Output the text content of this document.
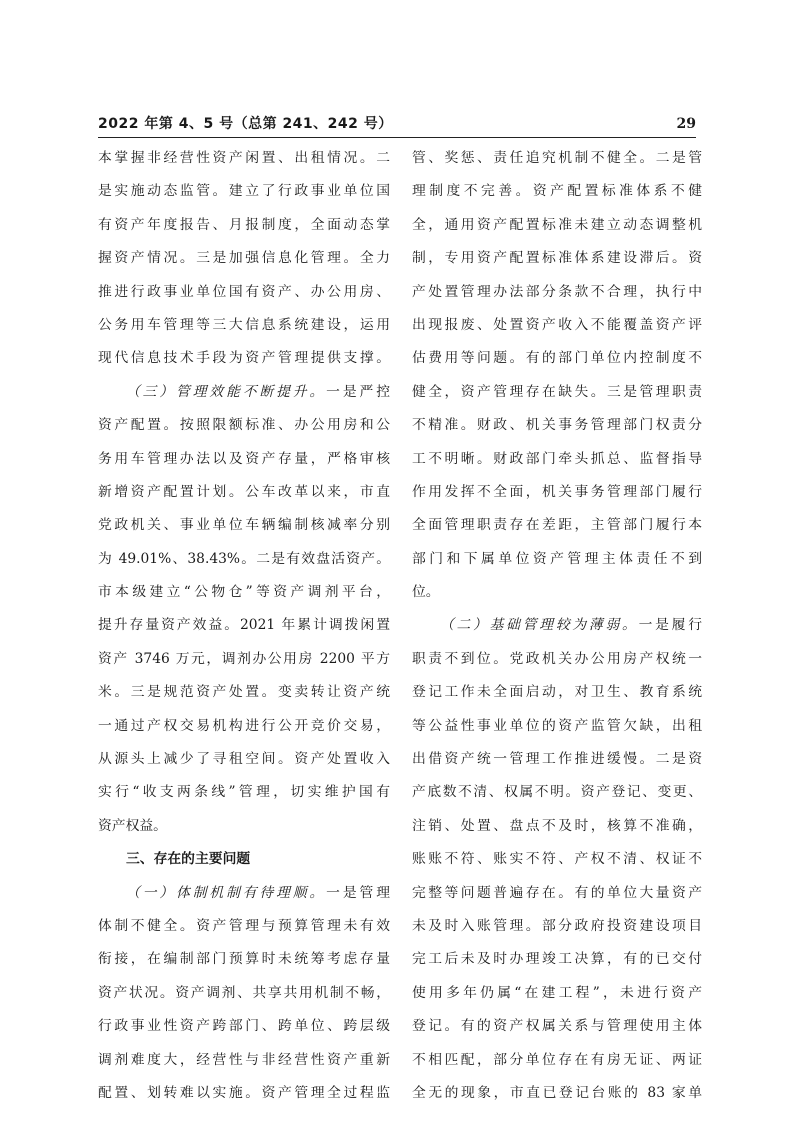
2022 年第 4、5 号（总第 241、242 号）	29
本掌握非经营性资产闲置、出租情况。二
是实施动态监管。建立了行政事业单位国
有资产年度报告、月报制度，全面动态掌
握资产情况。三是加强信息化管理。全力
推进行政事业单位国有资产、办公用房、
公务用车管理等三大信息系统建设，运用
现代信息技术手段为资产管理提供支撑。
（三）管理效能不断提升。一是严控
资产配置。按照限额标准、办公用房和公
务用车管理办法以及资产存量，严格审核
新增资产配置计划。公车改革以来，市直
党政机关、事业单位车辆编制核减率分别
为 49.01%、38.43%。二是有效盘活资产。
市本级建立“公物仓”等资产调剂平台，
提升存量资产效益。2021 年累计调拨闲置
资产 3746 万元，调剂办公用房 2200 平方
米。三是规范资产处置。变卖转让资产统
一通过产权交易机构进行公开竞价交易，
从源头上减少了寻租空间。资产处置收入
实行“收支两条线”管理，切实维护国有
资产权益。
三、存在的主要问题
（一）体制机制有待理顺。一是管理
体制不健全。资产管理与预算管理未有效
衔接，在编制部门预算时未统筹考虑存量
资产状况。资产调剂、共享共用机制不畅，
行政事业性资产跨部门、跨单位、跨层级
调剂难度大，经营性与非经营性资产重新
配置、划转难以实施。资产管理全过程监
管、奖惩、责任追究机制不健全。二是管
理制度不完善。资产配置标准体系不健
全，通用资产配置标准未建立动态调整机
制，专用资产配置标准体系建设滞后。资
产处置管理办法部分条款不合理，执行中
出现报废、处置资产收入不能覆盖资产评
估费用等问题。有的部门单位内控制度不
健全，资产管理存在缺失。三是管理职责
不精准。财政、机关事务管理部门权责分
工不明晰。财政部门牵头抓总、监督指导
作用发挥不全面，机关事务管理部门履行
全面管理职责存在差距，主管部门履行本
部门和下属单位资产管理主体责任不到
位。
（二）基础管理较为薄弱。一是履行
职责不到位。党政机关办公用房产权统一
登记工作未全面启动，对卫生、教育系统
等公益性事业单位的资产监管欠缺，出租
出借资产统一管理工作推进缓慢。二是资
产底数不清、权属不明。资产登记、变更、
注销、处置、盘点不及时，核算不准确，
账账不符、账实不符、产权不清、权证不
完整等问题普遍存在。有的单位大量资产
未及时入账管理。部分政府投资建设项目
完工后未及时办理竣工决算，有的已交付
使用多年仍属“在建工程”，未进行资产
登记。有的资产权属关系与管理使用主体
不相匹配，部分单位存在有房无证、两证
全无的现象，市直已登记台账的 83 家单
